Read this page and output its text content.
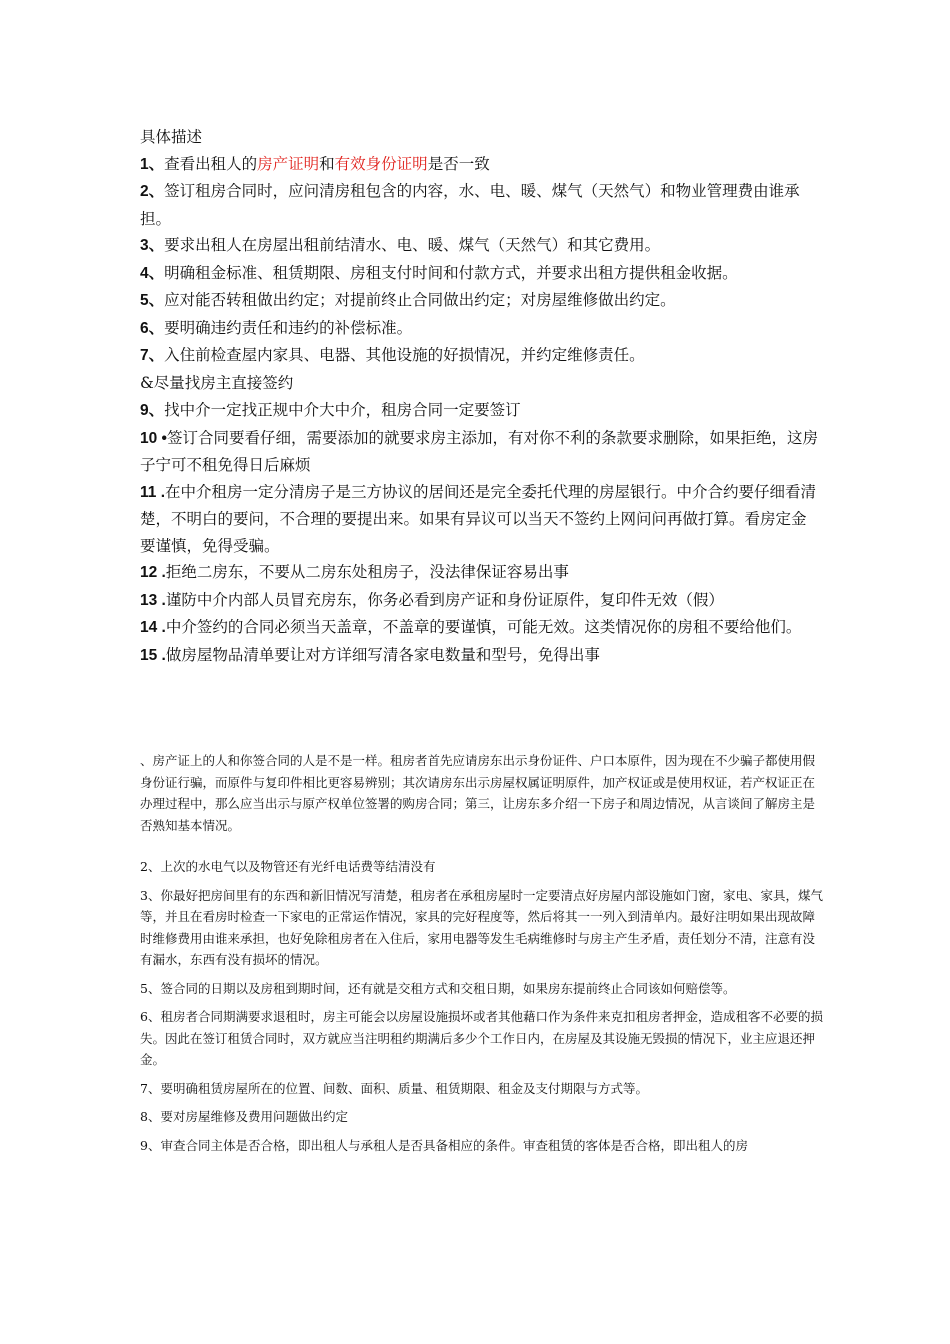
具体描述

1、查看出租人的房产证明和有效身份证明是否一致

2、签订租房合同时，应问清房租包含的内容，水、电、暖、煤气（天然气）和物业管理费由谁承担。

3、要求出租人在房屋出租前结清水、电、暖、煤气（天然气）和其它费用。

4、明确租金标准、租赁期限、房租支付时间和付款方式，并要求出租方提供租金收据。

5、应对能否转租做出约定；对提前终止合同做出约定；对房屋维修做出约定。

6、要明确违约责任和违约的补偿标准。

7、入住前检查屋内家具、电器、其他设施的好损情况，并约定维修责任。

&尽量找房主直接签约

9、找中介一定找正规中介大中介，租房合同一定要签订

10 •签订合同要看仔细，需要添加的就要求房主添加，有对你不利的条款要求删除，如果拒绝，这房子宁可不租免得日后麻烦

11 .在中介租房一定分清房子是三方协议的居间还是完全委托代理的房屋银行。中介合约要仔细看清楚，不明白的要问，不合理的要提出来。如果有异议可以当天不签约上网问问再做打算。看房定金要谨慎，免得受骗。

12 .拒绝二房东，不要从二房东处租房子，没法律保证容易出事

13 .谨防中介内部人员冒充房东，你务必看到房产证和身份证原件，复印件无效（假）

14 .中介签约的合同必须当天盖章，不盖章的要谨慎，可能无效。这类情况你的房租不要给他们。

15 .做房屋物品清单要让对方详细写清各家电数量和型号，免得出事

、房产证上的人和你签合同的人是不是一样。租房者首先应请房东出示身份证件、户口本原件，因为现在不少骗子都使用假身份证行骗，而原件与复印件相比更容易辨别；其次请房东出示房屋权属证明原件，加产权证或是使用权证，若产权证正在办理过程中，那么应当出示与原产权单位签署的购房合同；第三，让房东多介绍一下房子和周边情况，从言谈间了解房主是否熟知基本情况。

2、上次的水电气以及物管还有光纤电话费等结清没有

3、你最好把房间里有的东西和新旧情况写清楚，租房者在承租房屋时一定要清点好房屋内部设施如门窗，家电、家具，煤气等，并且在看房时检查一下家电的正常运作情况，家具的完好程度等，然后将其一一列入到清单内。最好注明如果出现故障时维修费用由谁来承担，也好免除租房者在入住后，家用电器等发生毛病维修时与房主产生矛盾，责任划分不清，注意有没有漏水，东西有没有损坏的情况。

5、签合同的日期以及房租到期时间，还有就是交租方式和交租日期，如果房东提前终止合同该如何赔偿等。

6、租房者合同期满要求退租时，房主可能会以房屋设施损坏或者其他藉口作为条件来克扣租房者押金，造成租客不必要的损失。因此在签订租赁合同时，双方就应当注明租约期满后多少个工作日内，在房屋及其设施无毁损的情况下，业主应退还押金。

7、要明确租赁房屋所在的位置、间数、面积、质量、租赁期限、租金及支付期限与方式等。

8、要对房屋维修及费用问题做出约定

9、审查合同主体是否合格，即出租人与承租人是否具备相应的条件。审查租赁的客体是否合格，即出租人的房
